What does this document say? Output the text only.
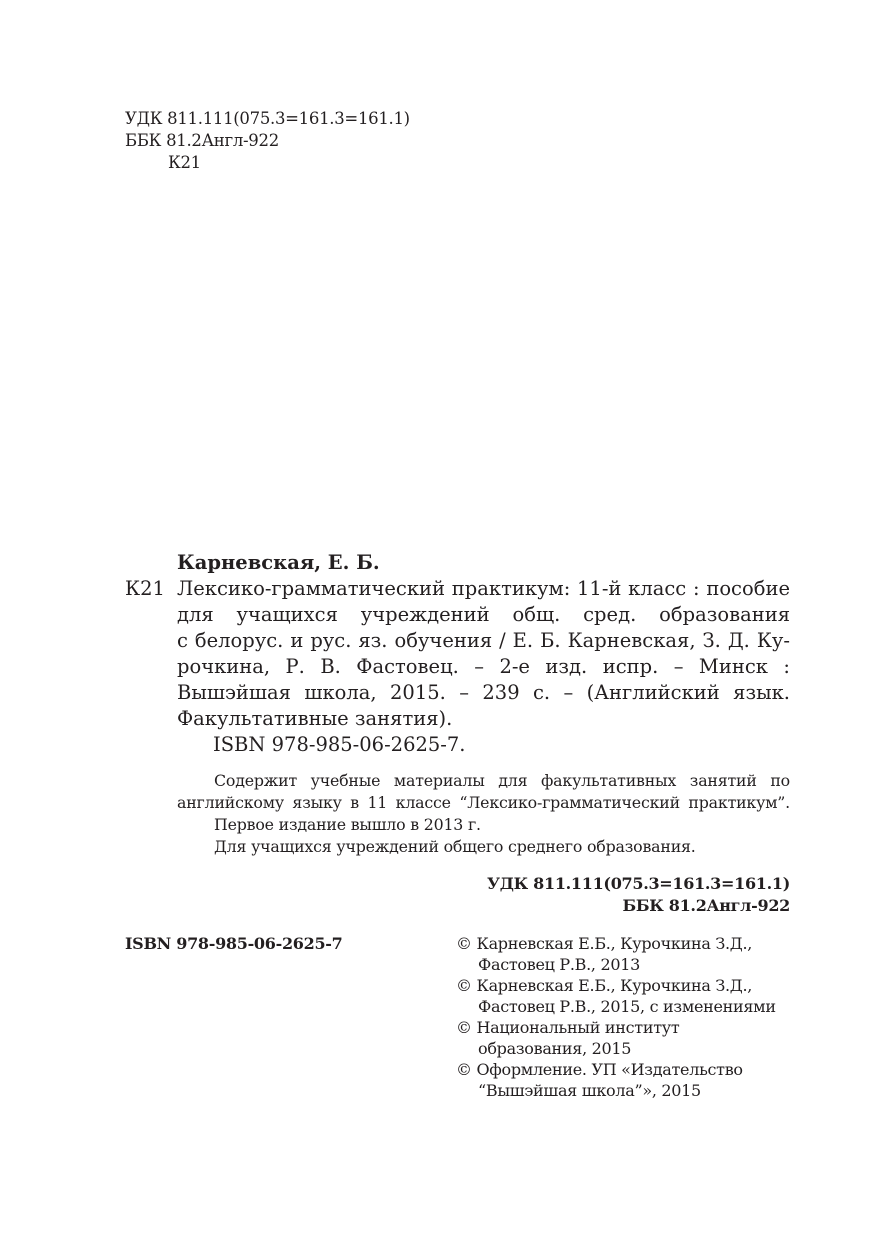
УДК 811.111(075.3=161.3=161.1)
ББК 81.2Англ-922
К21
Карневская, Е. Б.
К21 Лексико-грамматический практикум: 11-й класс : пособие
для учащихся учреждений общ. сред. образования
с белорус. и рус. яз. обучения / Е. Б. Карневская, З. Д. Ку-
рочкина, Р. В. Фастовец. – 2-е изд. испр. – Минск :
Вышэйшая школа, 2015. – 239 с. – (Английский язык.
Факультативные занятия).
ISBN 978-985-06-2625-7.
Содержит учебные материалы для факультативных занятий по
английскому языку в 11 классе “Лексико-грамматический практикум”.
Первое издание вышло в 2013 г.
Для учащихся учреждений общего среднего образования.
УДК 811.111(075.3=161.3=161.1)
ББК 81.2Англ-922
ISBN 978-985-06-2625-7	© Карневская Е.Б., Курочкина З.Д.,
Фастовец Р.В., 2013
© Карневская Е.Б., Курочкина З.Д.,
Фастовец Р.В., 2015, с изменениями
© Национальный институт
образования, 2015
© Оформление. УП «Издательство
“Вышэйшая школа”», 2015
